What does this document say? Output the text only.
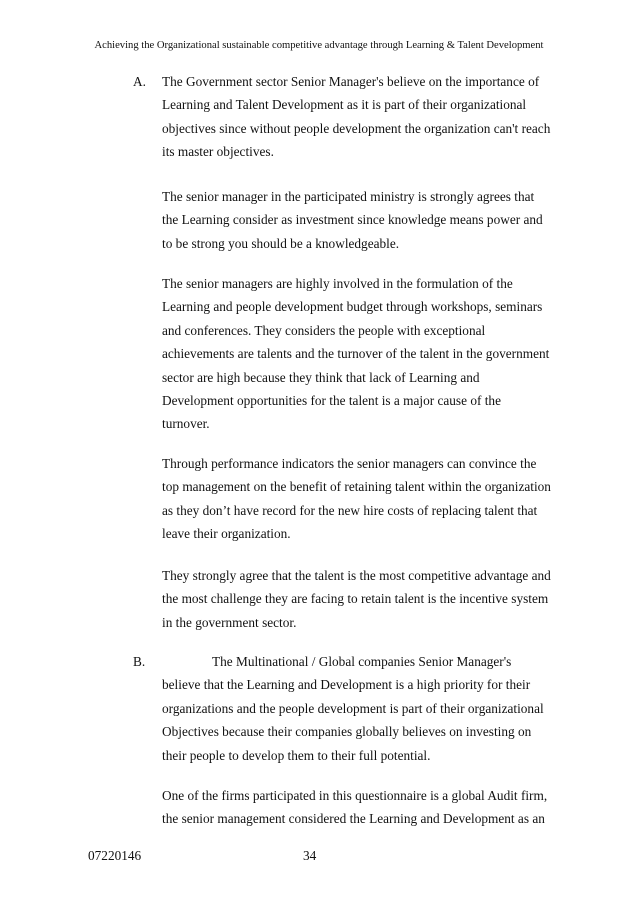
Achieving the Organizational sustainable competitive advantage through Learning & Talent Development
A. The Government sector Senior Manager's believe on the importance of
Learning and Talent Development as it is part of their organizational
objectives since without people development the organization can't reach
its master objectives.

The senior manager in the participated ministry is strongly agrees that
the Learning consider as investment since knowledge means power and
to be strong you should be a knowledgeable.

The senior managers are highly involved in the formulation of the
Learning and people development budget through workshops, seminars
and conferences. They considers the people with exceptional
achievements are talents and the turnover of the talent in the government
sector are high because they think that lack of Learning and
Development opportunities for the talent is a major cause of the
turnover.

Through performance indicators the senior managers can convince the
top management on the benefit of retaining talent within the organization
as they don’t have record for the new hire costs of replacing talent that
leave their organization.

They strongly agree that the talent is the most competitive advantage and
the most challenge they are facing to retain talent is the incentive system
in the government sector.

B.	The Multinational / Global companies Senior Manager's
believe that the Learning and Development is a high priority for their
organizations and the people development is part of their organizational
Objectives because their companies globally believes on investing on
their people to develop them to their full potential.

One of the firms participated in this questionnaire is a global Audit firm,
the senior management considered the Learning and Development as an

07220146	34
